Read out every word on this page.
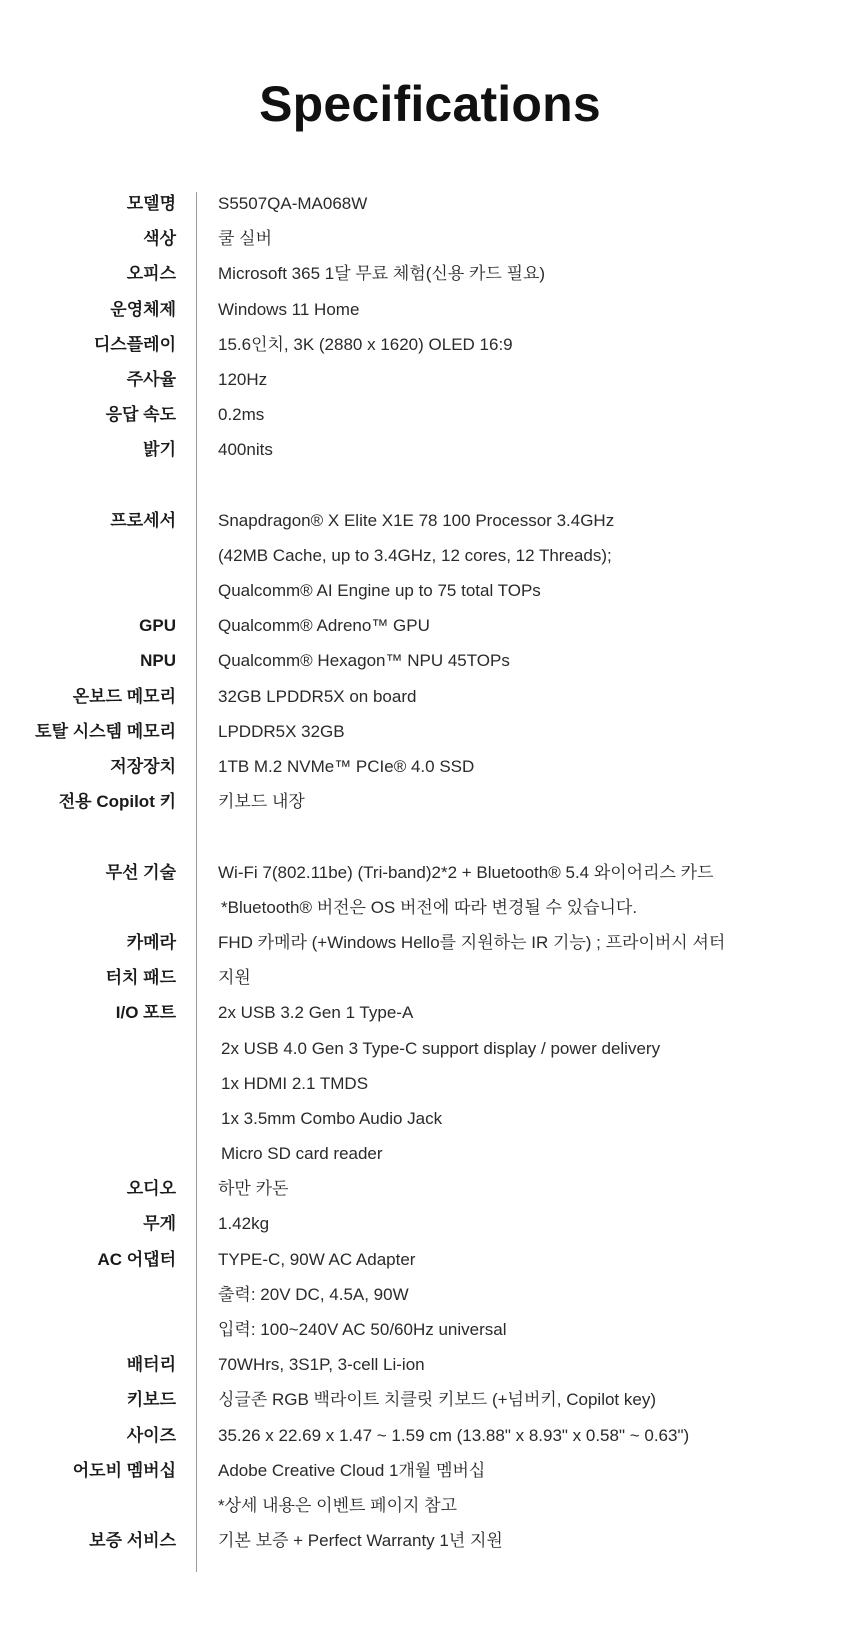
Specifications
모델명 S5507QA-MA068W
색상 쿨 실버
오피스 Microsoft 365 1달 무료 체험(신용 카드 필요)
운영체제 Windows 11 Home
디스플레이 15.6인치, 3K (2880 x 1620) OLED 16:9
주사율 120Hz
응답 속도 0.2ms
밝기 400nits
프로세서 Snapdragon® X Elite X1E 78 100 Processor 3.4GHz
(42MB Cache, up to 3.4GHz, 12 cores, 12 Threads);
Qualcomm® AI Engine up to 75 total TOPs
GPU Qualcomm® Adreno™ GPU
NPU Qualcomm® Hexagon™ NPU 45TOPs
온보드 메모리 32GB LPDDR5X on board
토탈 시스템 메모리 LPDDR5X 32GB
저장장치 1TB M.2 NVMe™ PCIe® 4.0 SSD
전용 Copilot 키 키보드 내장
무선 기술 Wi-Fi 7(802.11be) (Tri-band)2*2 + Bluetooth® 5.4 와이어리스 카드
*Bluetooth® 버전은 OS 버전에 따라 변경될 수 있습니다.
카메라 FHD 카메라 (+Windows Hello를 지원하는 IR 기능) ; 프라이버시 셔터
터치 패드 지원
I/O 포트 2x USB 3.2 Gen 1 Type-A
2x USB 4.0 Gen 3 Type-C support display / power delivery
1x HDMI 2.1 TMDS
1x 3.5mm Combo Audio Jack
Micro SD card reader
오디오 하만 카돈
무게 1.42kg
AC 어댑터 TYPE-C, 90W AC Adapter
출력: 20V DC, 4.5A, 90W
입력: 100~240V AC 50/60Hz universal
배터리 70WHrs, 3S1P, 3-cell Li-ion
키보드 싱글존 RGB 백라이트 치클릿 키보드 (+넘버키, Copilot key)
사이즈 35.26 x 22.69 x 1.47 ~ 1.59 cm (13.88" x 8.93" x 0.58" ~ 0.63")
어도비 멤버십 Adobe Creative Cloud 1개월 멤버십
*상세 내용은 이벤트 페이지 참고
보증 서비스 기본 보증 + Perfect Warranty 1년 지원
